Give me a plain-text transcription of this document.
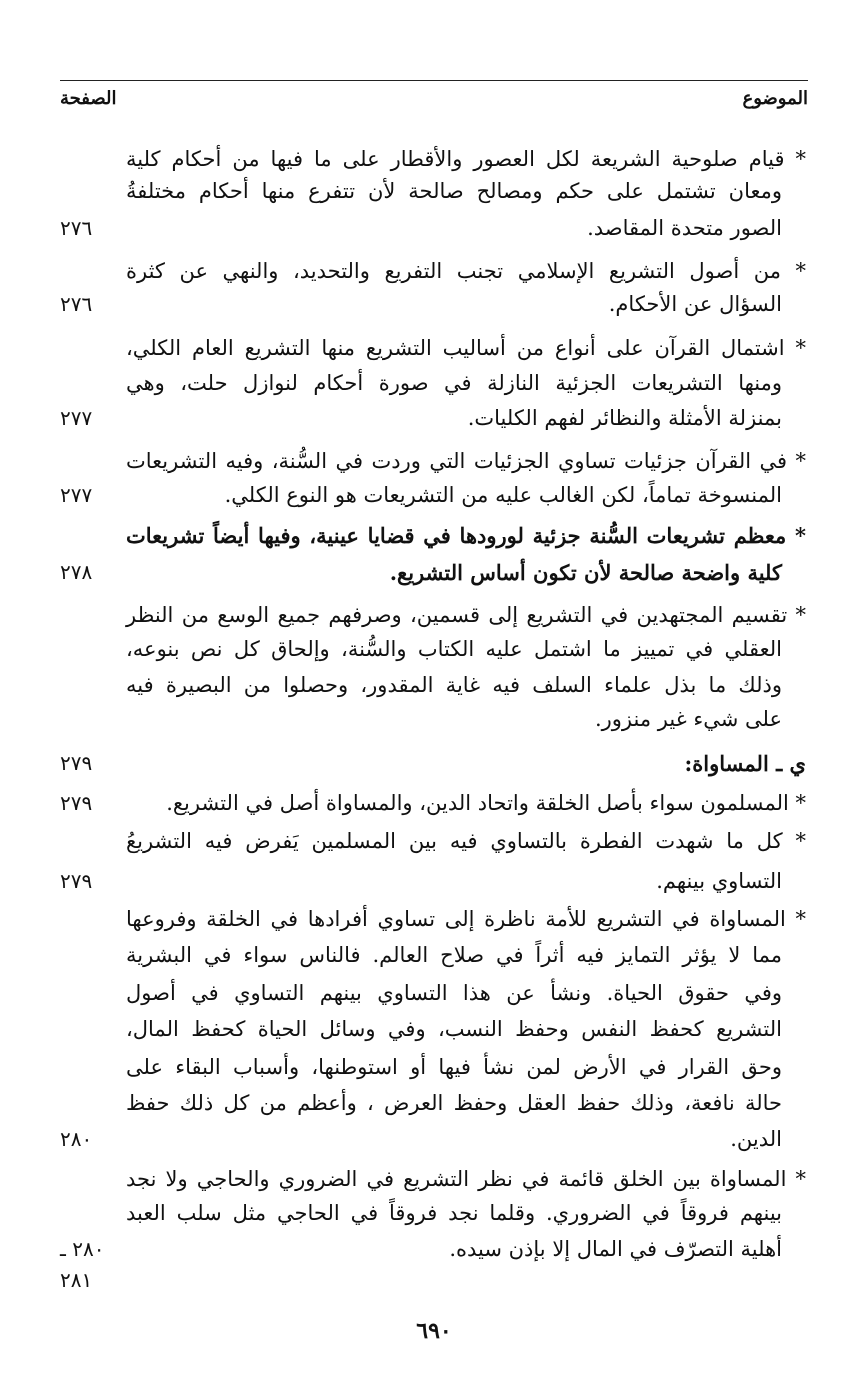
الموضوع
الصفحة
* قيام صلوحية الشريعة لكل العصور والأقطار على ما فيها من أحكام كلية
ومعان تشتمل على حكم ومصالح صالحة لأن تتفرع منها أحكام مختلفةُ
الصور متحدة المقاصد.
٢٧٦
* من أصول التشريع الإسلامي تجنب التفريع والتحديد، والنهي عن كثرة
السؤال عن الأحكام.
٢٧٦
* اشتمال القرآن على أنواع من أساليب التشريع منها التشريع العام الكلي،
ومنها التشريعات الجزئية النازلة في صورة أحكام لنوازل حلت، وهي
بمنزلة الأمثلة والنظائر لفهم الكليات.
٢٧٧
* في القرآن جزئيات تساوي الجزئيات التي وردت في السُّنة، وفيه التشريعات
المنسوخة تماماً، لكن الغالب عليه من التشريعات هو النوع الكلي.
٢٧٧
* معظم تشريعات السُّنة جزئية لورودها في قضايا عينية، وفيها أيضاً تشريعات
كلية واضحة صالحة لأن تكون أساس التشريع.
٢٧٨
* تقسيم المجتهدين في التشريع إلى قسمين، وصرفهم جميع الوسع من النظر
العقلي في تمييز ما اشتمل عليه الكتاب والسُّنة، وإلحاق كل نص بنوعه،
وذلك ما بذل علماء السلف فيه غاية المقدور، وحصلوا من البصيرة فيه
على شيء غير منزور.
ي ـ المساواة:
٢٧٩
* المسلمون سواء بأصل الخلقة واتحاد الدين، والمساواة أصل في التشريع.
٢٧٩
* كل ما شهدت الفطرة بالتساوي فيه بين المسلمين يَفرض فيه التشريعُ
التساوي بينهم.
٢٧٩
* المساواة في التشريع للأمة ناظرة إلى تساوي أفرادها في الخلقة وفروعها
مما لا يؤثر التمايز فيه أثراً في صلاح العالم. فالناس سواء في البشرية
وفي حقوق الحياة. ونشأ عن هذا التساوي بينهم التساوي في أصول
التشريع كحفظ النفس وحفظ النسب، وفي وسائل الحياة كحفظ المال،
وحق القرار في الأرض لمن نشأ فيها أو استوطنها، وأسباب البقاء على
حالة نافعة، وذلك حفظ العقل وحفظ العرض ، وأعظم من كل ذلك حفظ
الدين.
٢٨٠
* المساواة بين الخلق قائمة في نظر التشريع في الضروري والحاجي ولا نجد
بينهم فروقاً في الضروري. وقلما نجد فروقاً في الحاجي مثل سلب العبد
أهلية التصرّف في المال إلا بإذن سيده.
٢٨٠ ـ ٢٨١
٦٩٠
